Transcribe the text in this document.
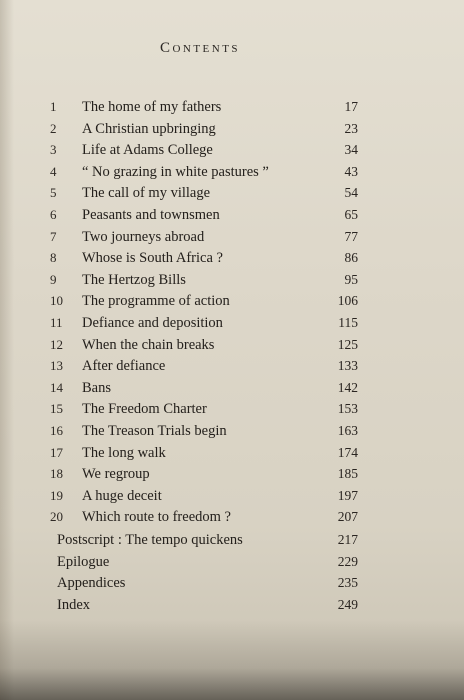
Contents
1	The home of my fathers	17
2	A Christian upbringing	23
3	Life at Adams College	34
4	“ No grazing in white pastures ”	43
5	The call of my village	54
6	Peasants and townsmen	65
7	Two journeys abroad	77
8	Whose is South Africa ?	86
9	The Hertzog Bills	95
10	The programme of action	106
11	Defiance and deposition	115
12	When the chain breaks	125
13	After defiance	133
14	Bans	142
15	The Freedom Charter	153
16	The Treason Trials begin	163
17	The long walk	174
18	We regroup	185
19	A huge deceit	197
20	Which route to freedom ?	207
Postscript : The tempo quickens	217
Epilogue	229
Appendices	235
Index	249
